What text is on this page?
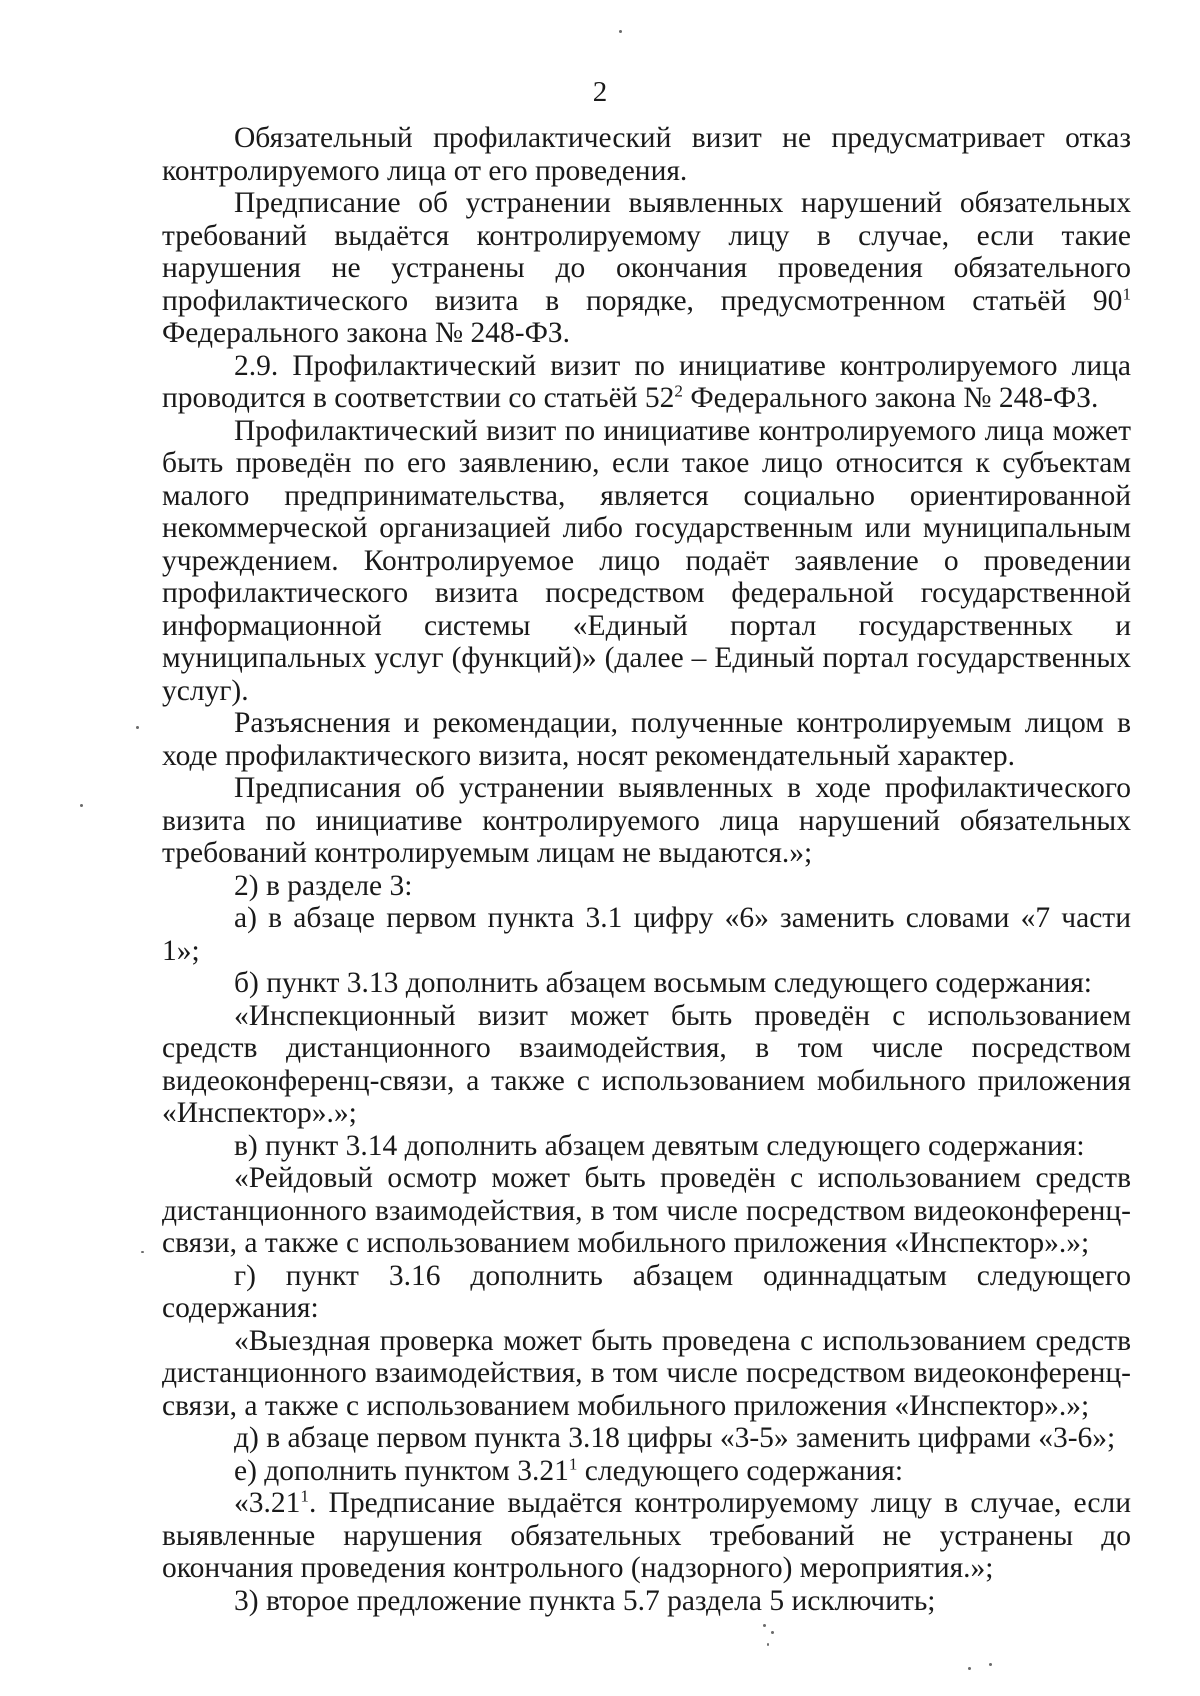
2

Обязательный профилактический визит не предусматривает отказ контролируемого лица от его проведения.

Предписание об устранении выявленных нарушений обязательных требований выдаётся контролируемому лицу в случае, если такие нарушения не устранены до окончания проведения обязательного профилактического визита в порядке, предусмотренном статьёй $90^1$ Федерального закона № 248-ФЗ.

2.9. Профилактический визит по инициативе контролируемого лица проводится в соответствии со статьёй $52^2$ Федерального закона № 248-ФЗ.

Профилактический визит по инициативе контролируемого лица может быть проведён по его заявлению, если такое лицо относится к субъектам малого предпринимательства, является социально ориентированной некоммерческой организацией либо государственным или муниципальным учреждением. Контролируемое лицо подаёт заявление о проведении профилактического визита посредством федеральной государственной информационной системы «Единый портал государственных и муниципальных услуг (функций)» (далее – Единый портал государственных услуг).

Разъяснения и рекомендации, полученные контролируемым лицом в ходе профилактического визита, носят рекомендательный характер.

Предписания об устранении выявленных в ходе профилактического визита по инициативе контролируемого лица нарушений обязательных требований контролируемым лицам не выдаются.»;

2) в разделе 3:

а) в абзаце первом пункта 3.1 цифру «6» заменить словами «7 части 1»;

б) пункт 3.13 дополнить абзацем восьмым следующего содержания:

«Инспекционный визит может быть проведён с использованием средств дистанционного взаимодействия, в том числе посредством видеоконференц-связи, а также с использованием мобильного приложения «Инспектор».»;

в) пункт 3.14 дополнить абзацем девятым следующего содержания:

«Рейдовый осмотр может быть проведён с использованием средств дистанционного взаимодействия, в том числе посредством видеоконференц-связи, а также с использованием мобильного приложения «Инспектор».»;

г) пункт 3.16 дополнить абзацем одиннадцатым следующего содержания:

«Выездная проверка может быть проведена с использованием средств дистанционного взаимодействия, в том числе посредством видеоконференц-связи, а также с использованием мобильного приложения «Инспектор».»;

д) в абзаце первом пункта 3.18 цифры «3-5» заменить цифрами «3-6»;

е) дополнить пунктом 3.21$^1$ следующего содержания:

«3.21$^1$. Предписание выдаётся контролируемому лицу в случае, если выявленные нарушения обязательных требований не устранены до окончания проведения контрольного (надзорного) мероприятия.»;

3) второе предложение пункта 5.7 раздела 5 исключить;
